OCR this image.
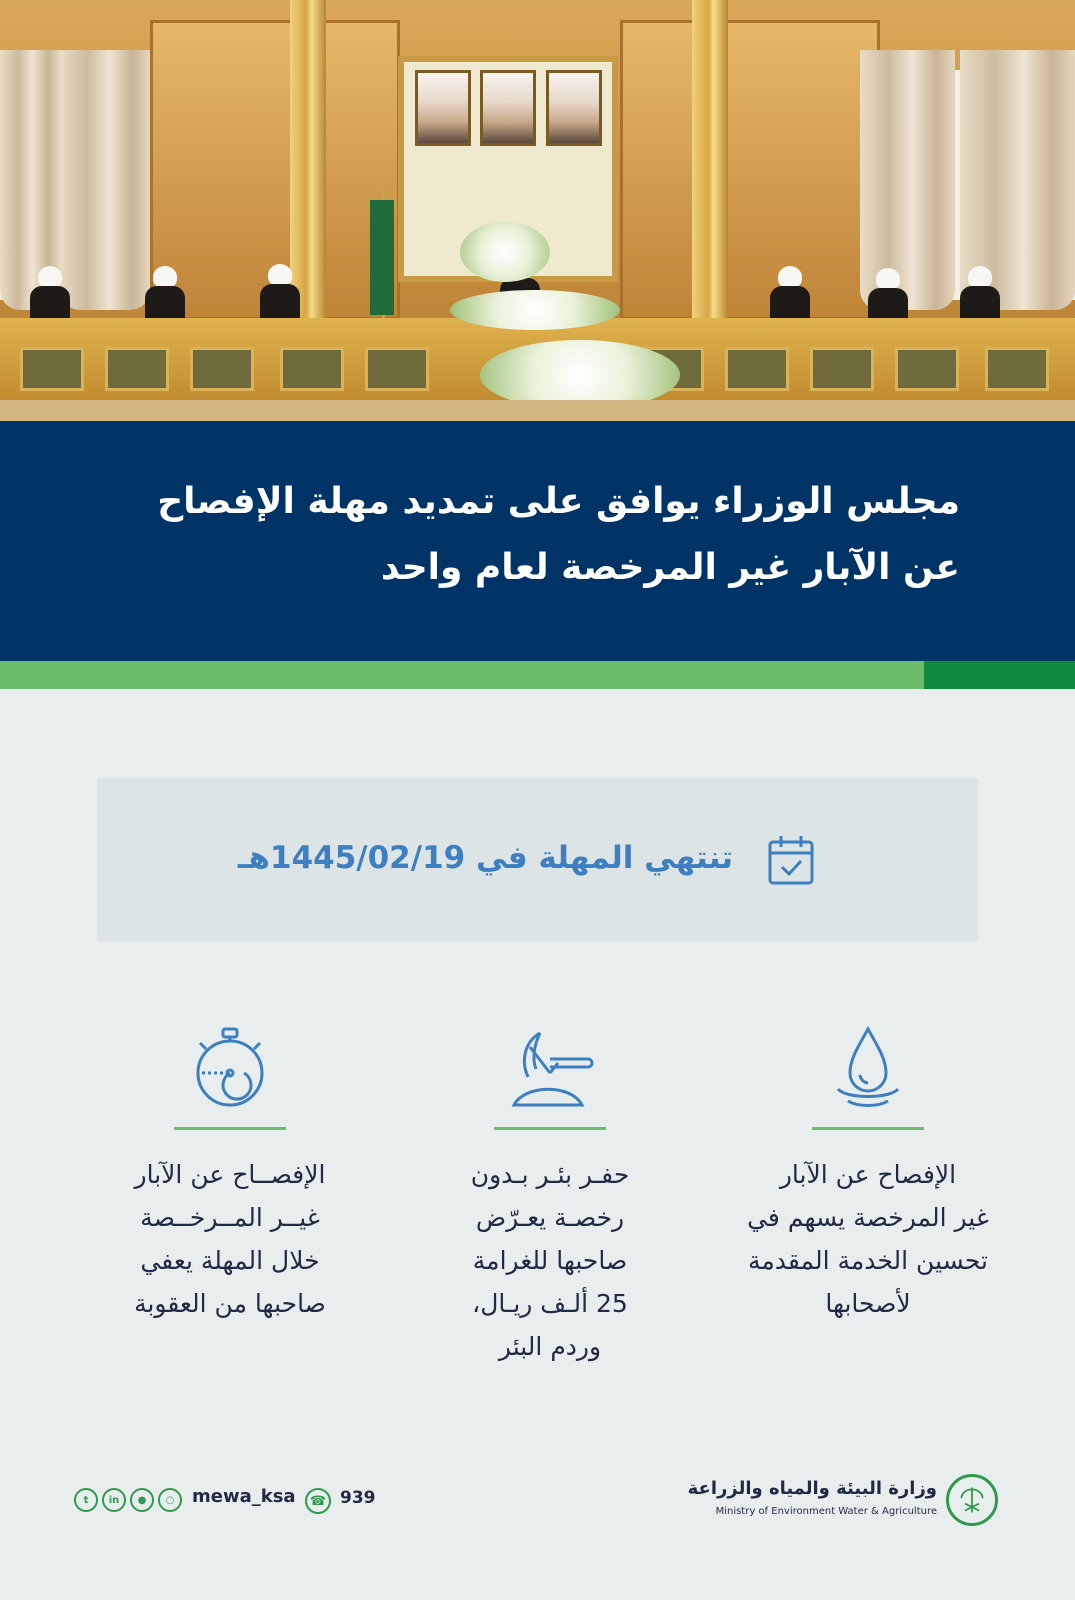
مجلس الوزراء يوافق على تمديد مهلة الإفصاح
عن الآبار غير المرخصة لعام واحد
تنتهي المهلة في 1445/02/19هـ
الإفصاح عن الآبار
غير المرخصة يسهم في
تحسين الخدمة المقدمة
لأصحابها
حفـر بئـر بـدون
رخصـة يعـرّض
صاحبها للغرامة
25 ألـف ريـال،
وردم البئر
الإفصــاح عن الآبار
غيــر المــرخــصة
خلال المهلة يعفي
صاحبها من العقوبة
t	in	●	○ mewa_ksa	☎ 939	وزارة البيئة والمياه والزراعة
Ministry of Environment Water & Agriculture
